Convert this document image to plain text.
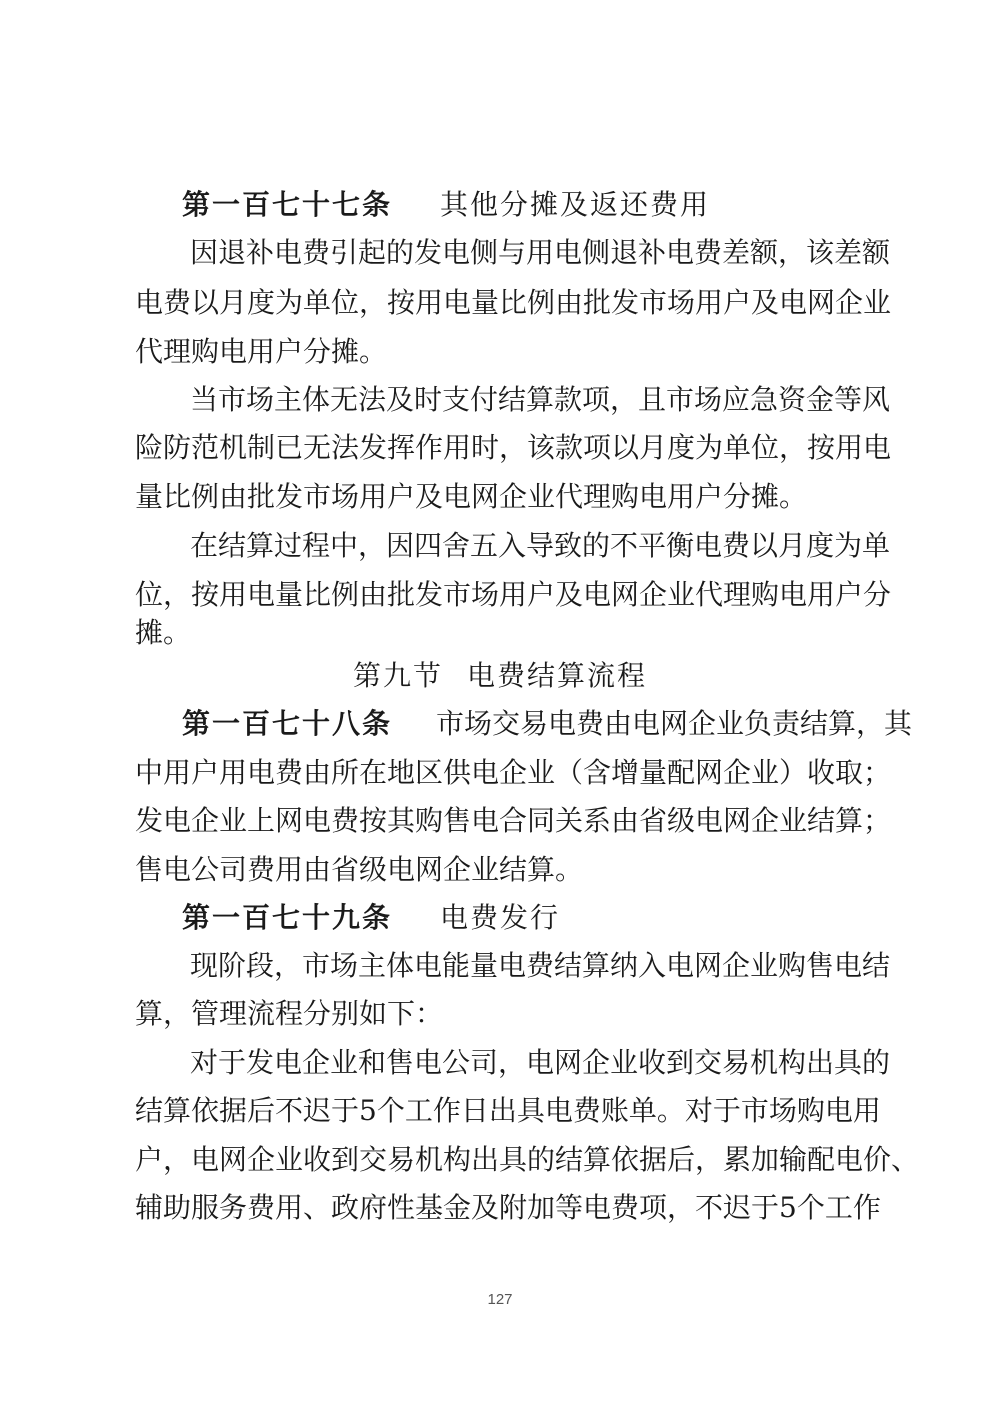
第一百七十七条 其他分摊及返还费用
因退补电费引起的发电侧与用电侧退补电费差额，该差额
电费以月度为单位，按用电量比例由批发市场用户及电网企业
代理购电用户分摊。
当市场主体无法及时支付结算款项，且市场应急资金等风
险防范机制已无法发挥作用时，该款项以月度为单位，按用电
量比例由批发市场用户及电网企业代理购电用户分摊。
在结算过程中，因四舍五入导致的不平衡电费以月度为单
位，按用电量比例由批发市场用户及电网企业代理购电用户分
摊。
第九节 电费结算流程
第一百七十八条 市场交易电费由电网企业负责结算，其
中用户用电费由所在地区供电企业（含增量配网企业）收取；
发电企业上网电费按其购售电合同关系由省级电网企业结算；
售电公司费用由省级电网企业结算。
第一百七十九条 电费发行
现阶段，市场主体电能量电费结算纳入电网企业购售电结
算，管理流程分别如下：
对于发电企业和售电公司，电网企业收到交易机构出具的
结算依据后不迟于5个工作日出具电费账单。对于市场购电用
户，电网企业收到交易机构出具的结算依据后，累加输配电价、
辅助服务费用、政府性基金及附加等电费项，不迟于5个工作
127
